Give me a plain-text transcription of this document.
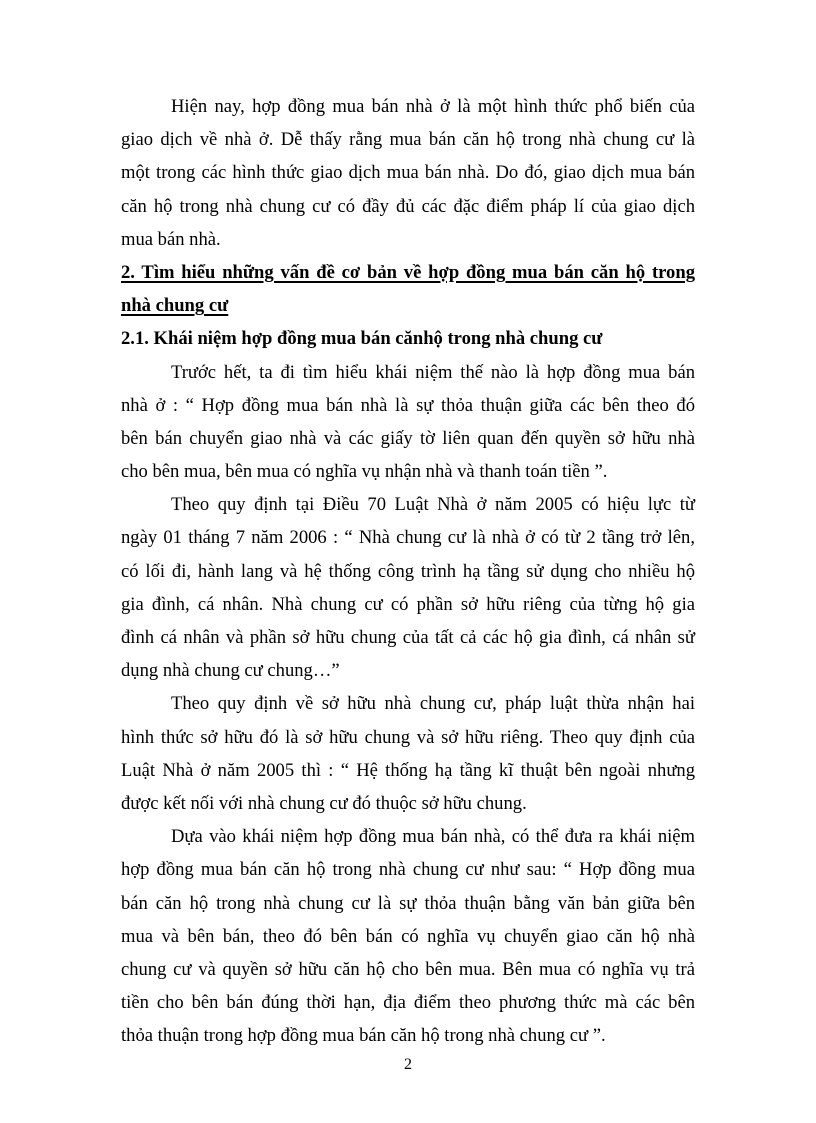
Hiện nay, hợp đồng mua bán nhà ở là một hình thức phổ biến của
giao dịch về nhà ở. Dễ thấy rằng mua bán căn hộ trong nhà chung cư là
một trong các hình thức giao dịch mua bán nhà. Do đó, giao dịch mua bán
căn hộ trong nhà chung cư có đầy đủ các đặc điểm pháp lí của giao dịch
mua bán nhà.
2. Tìm hiểu những vấn đề cơ bản về hợp đồng mua bán căn hộ trong
nhà chung cư
2.1. Khái niệm hợp đồng mua bán cănhộ trong nhà chung cư
Trước hết, ta đi tìm hiểu khái niệm thế nào là hợp đồng mua bán
nhà ở : “ Hợp đồng mua bán nhà là sự thỏa thuận giữa các bên theo đó
bên bán chuyển giao nhà và các giấy tờ liên quan đến quyền sở hữu nhà
cho bên mua, bên mua có nghĩa vụ nhận nhà và thanh toán tiền ”.
Theo quy định tại Điều 70 Luật Nhà ở năm 2005 có hiệu lực từ
ngày 01 tháng 7 năm 2006 : “ Nhà chung cư là nhà ở có từ 2 tầng trở lên,
có lối đi, hành lang và hệ thống công trình hạ tầng sử dụng cho nhiều hộ
gia đình, cá nhân. Nhà chung cư có phần sở hữu riêng của từng hộ gia
đình cá nhân và phần sở hữu chung của tất cả các hộ gia đình, cá nhân sử
dụng nhà chung cư chung…”
Theo quy định về sở hữu nhà chung cư, pháp luật thừa nhận hai
hình thức sở hữu đó là sở hữu chung và sở hữu riêng. Theo quy định của
Luật Nhà ở năm 2005 thì : “ Hệ thống hạ tầng kĩ thuật bên ngoài nhưng
được kết nối với nhà chung cư đó thuộc sở hữu chung.
Dựa vào khái niệm hợp đồng mua bán nhà, có thể đưa ra khái niệm
hợp đồng mua bán căn hộ trong nhà chung cư như sau: “ Hợp đồng mua
bán căn hộ trong nhà chung cư là sự thỏa thuận bằng văn bản giữa bên
mua và bên bán, theo đó bên bán có nghĩa vụ chuyển giao căn hộ nhà
chung cư và quyền sở hữu căn hộ cho bên mua. Bên mua có nghĩa vụ trả
tiền cho bên bán đúng thời hạn, địa điểm theo phương thức mà các bên
thỏa thuận trong hợp đồng mua bán căn hộ trong nhà chung cư ”.
2
